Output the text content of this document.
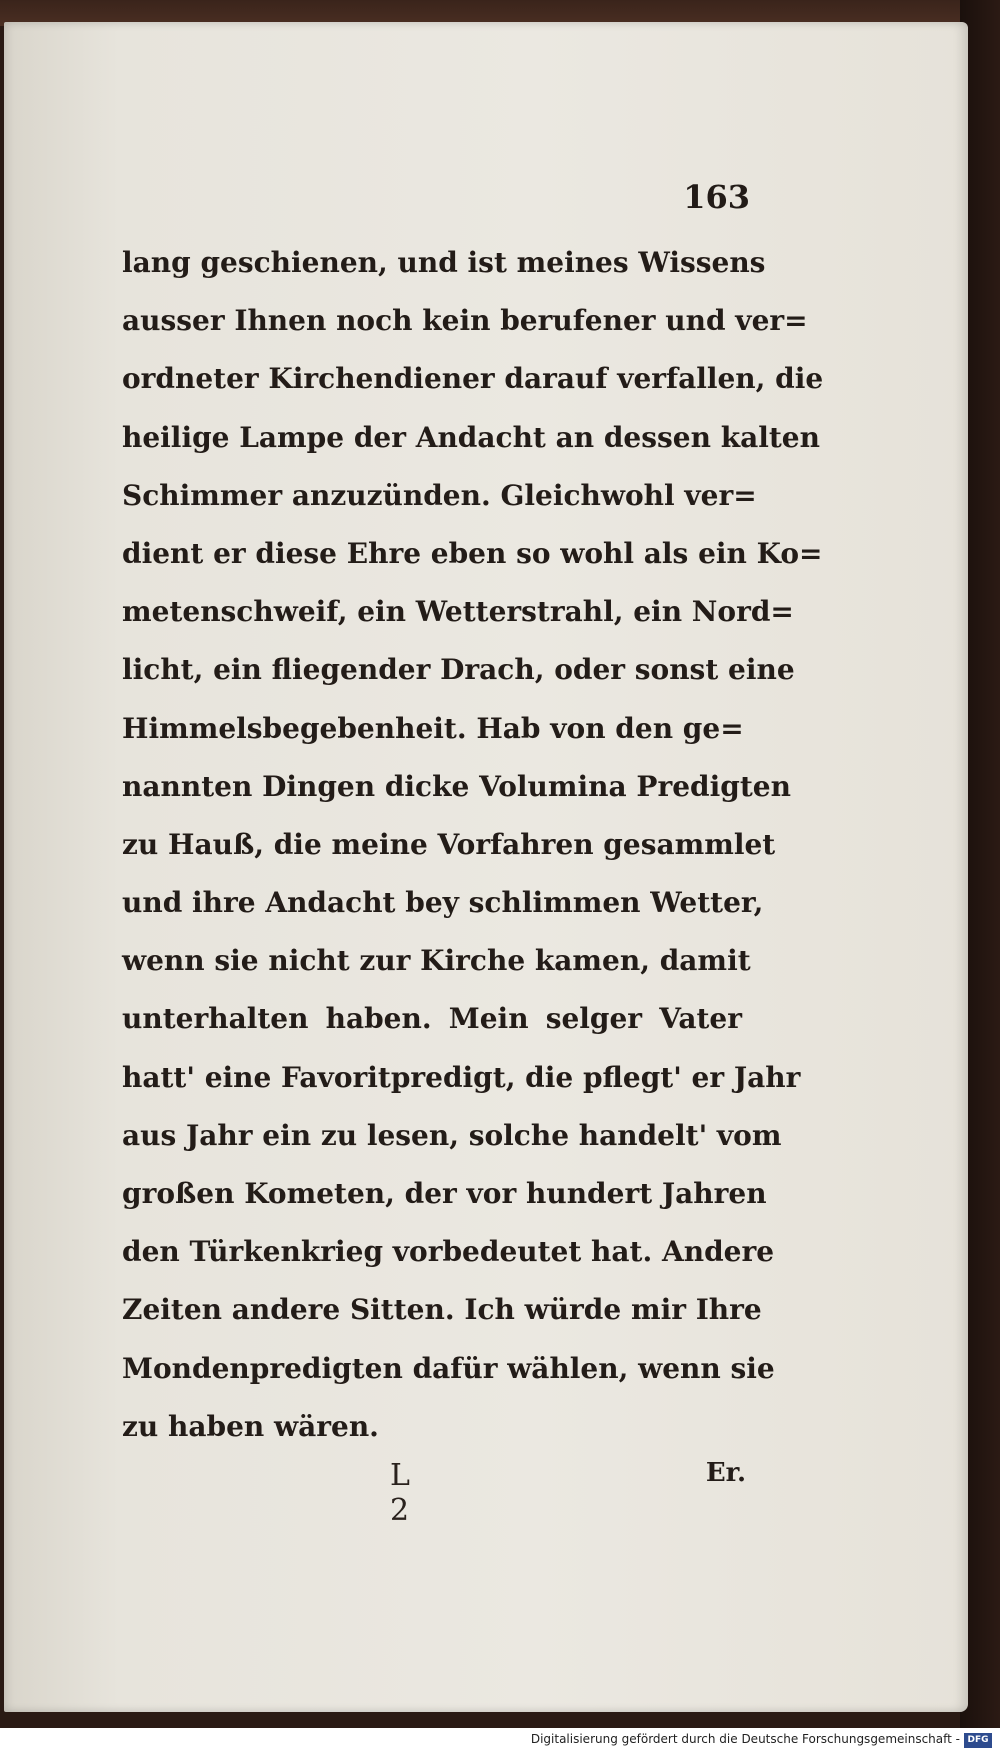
163
lang geschienen, und ist meines Wissens
ausser Ihnen noch kein berufener und ver=
ordneter Kirchendiener darauf verfallen, die
heilige Lampe der Andacht an dessen kalten
Schimmer anzuzünden. Gleichwohl ver=
dient er diese Ehre eben so wohl als ein Ko=
metenschweif, ein Wetterstrahl, ein Nord=
licht, ein fliegender Drach, oder sonst eine
Himmelsbegebenheit. Hab von den ge=
nannten Dingen dicke Volumina Predigten
zu Hauß, die meine Vorfahren gesammlet
und ihre Andacht bey schlimmen Wetter,
wenn sie nicht zur Kirche kamen, damit
unterhalten haben. Mein selger Vater
hatt' eine Favoritpredigt, die pflegt' er Jahr
aus Jahr ein zu lesen, solche handelt' vom
großen Kometen, der vor hundert Jahren
den Türkenkrieg vorbedeutet hat. Andere
Zeiten andere Sitten. Ich würde mir Ihre
Mondenpredigten dafür wählen, wenn sie
zu haben wären.
L 2
Er.
Digitalisierung gefördert durch die Deutsche Forschungsgemeinschaft - DFG
